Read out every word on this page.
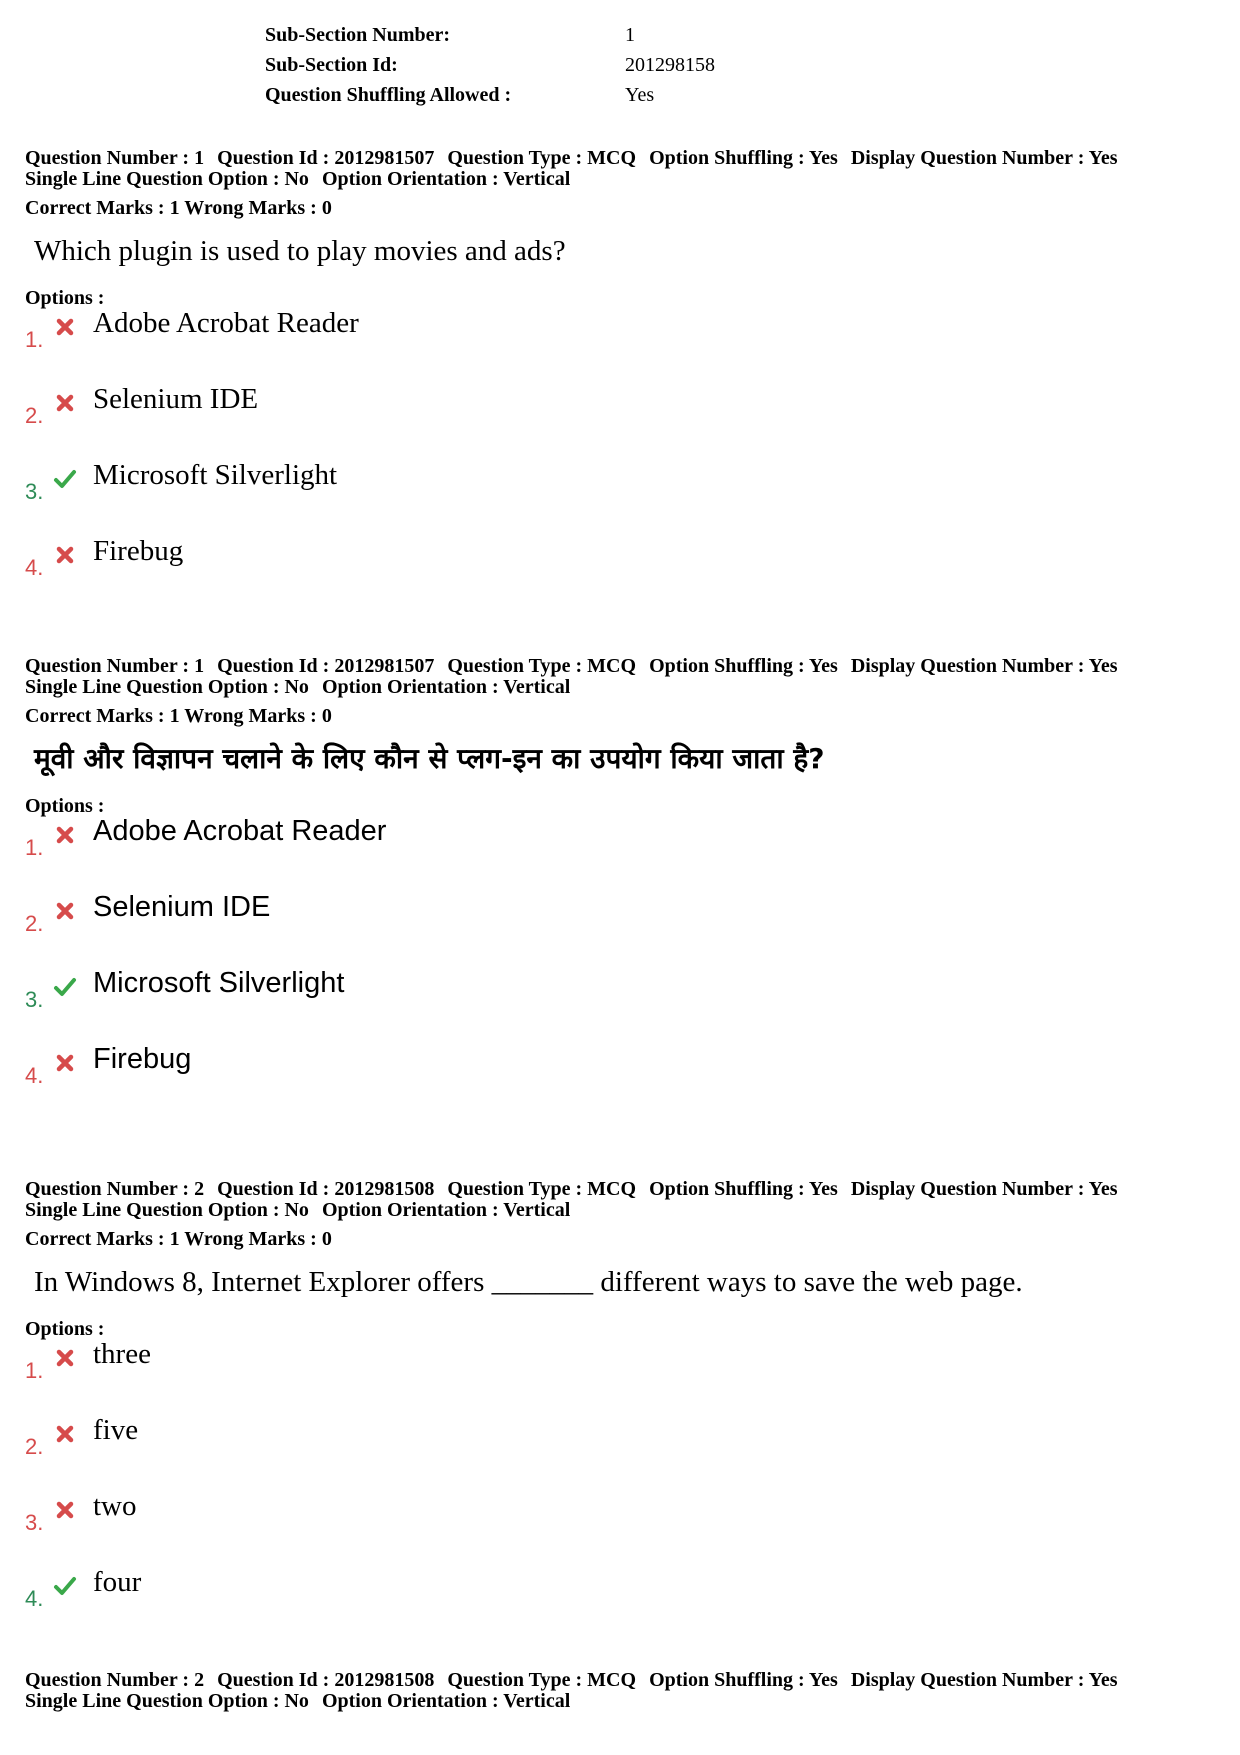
Sub-Section Number:	1
Sub-Section Id:	201298158
Question Shuffling Allowed :	Yes
Question Number : 1 Question Id : 2012981507 Question Type : MCQ Option Shuffling : Yes Display Question Number : Yes
Single Line Question Option : No Option Orientation : Vertical
Correct Marks : 1 Wrong Marks : 0
Which plugin is used to play movies and ads?
Options :
1.
Adobe Acrobat Reader
2.
Selenium IDE
3.
Microsoft Silverlight
4.
Firebug
Question Number : 1 Question Id : 2012981507 Question Type : MCQ Option Shuffling : Yes Display Question Number : Yes
Single Line Question Option : No Option Orientation : Vertical
Correct Marks : 1 Wrong Marks : 0
मूवी और विज्ञापन चलाने के लिए कौन से प्लग-इन का उपयोग किया जाता है?
Options :
1.
Adobe Acrobat Reader
2.
Selenium IDE
3.
Microsoft Silverlight
4.
Firebug
Question Number : 2 Question Id : 2012981508 Question Type : MCQ Option Shuffling : Yes Display Question Number : Yes
Single Line Question Option : No Option Orientation : Vertical
Correct Marks : 1 Wrong Marks : 0
In Windows 8, Internet Explorer offers _______ different ways to save the web page.
Options :
1.
three
2.
five
3.
two
4.
four
Question Number : 2 Question Id : 2012981508 Question Type : MCQ Option Shuffling : Yes Display Question Number : Yes
Single Line Question Option : No Option Orientation : Vertical
